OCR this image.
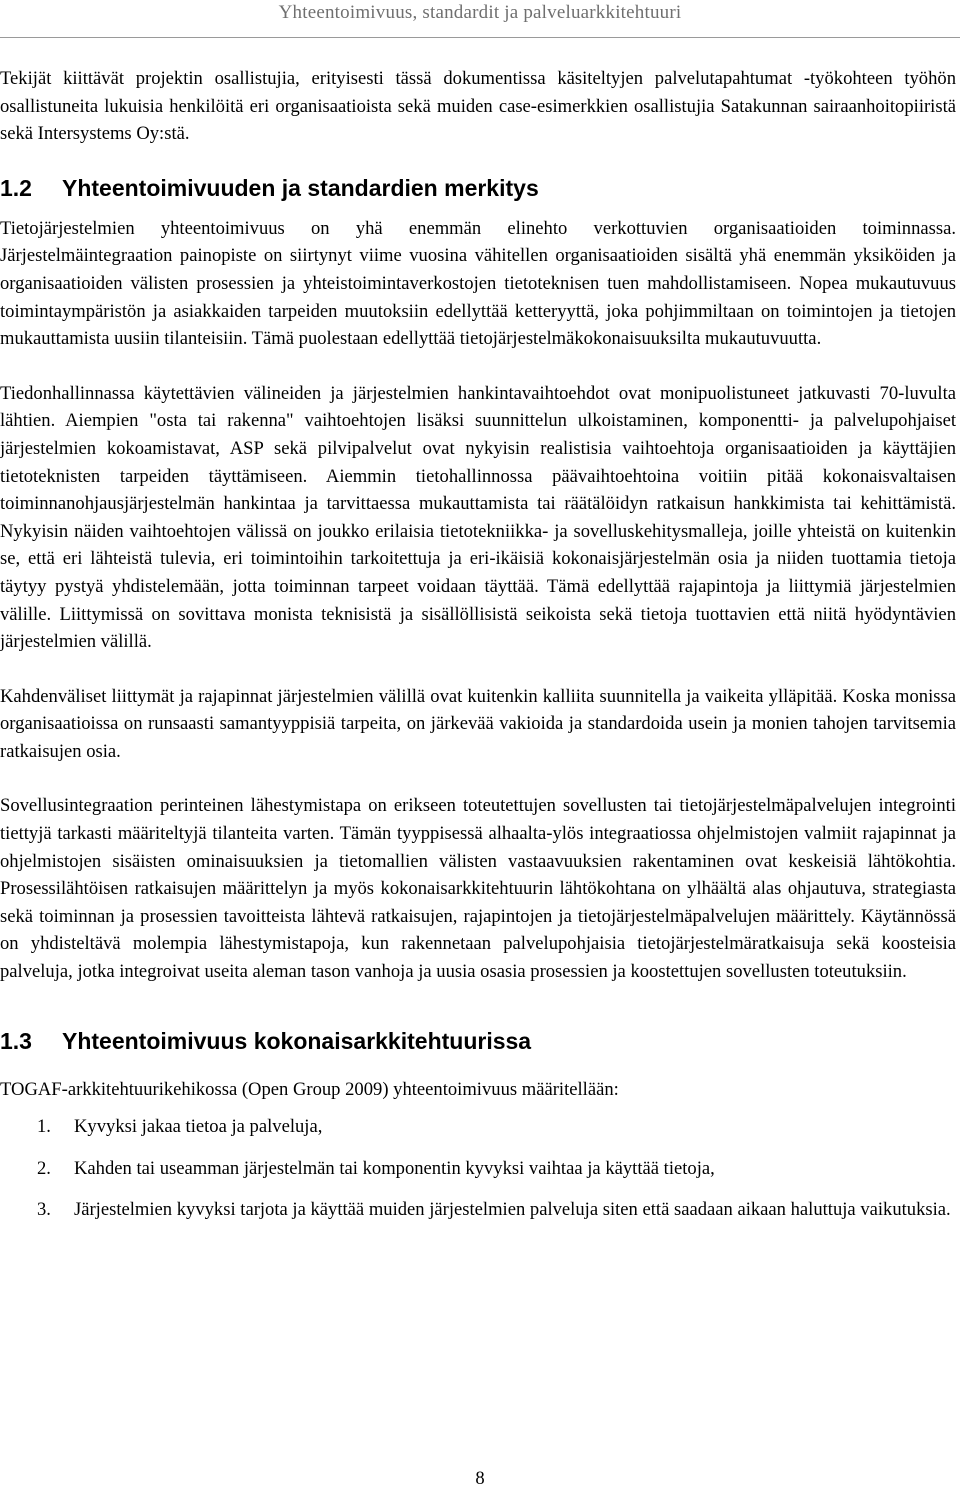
Yhteentoimivuus, standardit ja palveluarkkitehtuuri

Tekijät kiittävät projektin osallistujia, erityisesti tässä dokumentissa käsiteltyjen palvelutapahtumat -työkohteen työhön osallistuneita lukuisia henkilöitä eri organisaatioista sekä muiden case-esimerkkien osallistujia Satakunnan sairaanhoitopiiristä sekä Intersystems Oy:stä.

1.2 Yhteentoimivuuden ja standardien merkitys

Tietojärjestelmien yhteentoimivuus on yhä enemmän elinehto verkottuvien organisaatioiden toiminnassa. Järjestelmäintegraation painopiste on siirtynyt viime vuosina vähitellen organisaatioiden sisältä yhä enemmän yksiköiden ja organisaatioiden välisten prosessien ja yhteistoimintaverkostojen tietoteknisen tuen mahdollistamiseen. Nopea mukautuvuus toimintaympäristön ja asiakkaiden tarpeiden muutoksiin edellyttää ketteryyttä, joka pohjimmiltaan on toimintojen ja tietojen mukauttamista uusiin tilanteisiin. Tämä puolestaan edellyttää tietojärjestelmäkokonaisuuksilta mukautuvuutta.

Tiedonhallinnassa käytettävien välineiden ja järjestelmien hankintavaihtoehdot ovat monipuolistuneet jatkuvasti 70-luvulta lähtien. Aiempien "osta tai rakenna" vaihtoehtojen lisäksi suunnittelun ulkoistaminen, komponentti- ja palvelupohjaiset järjestelmien kokoamistavat, ASP sekä pilvipalvelut ovat nykyisin realistisia vaihtoehtoja organisaatioiden ja käyttäjien tietoteknisten tarpeiden täyttämiseen. Aiemmin tietohallinnossa päävaihtoehtoina voitiin pitää kokonaisvaltaisen toiminnanohjausjärjestelmän hankintaa ja tarvittaessa mukauttamista tai räätälöidyn ratkaisun hankkimista tai kehittämistä. Nykyisin näiden vaihtoehtojen välissä on joukko erilaisia tietotekniikka- ja sovelluskehitysmalleja, joille yhteistä on kuitenkin se, että eri lähteistä tulevia, eri toimintoihin tarkoitettuja ja eri-ikäisiä kokonaisjärjestelmän osia ja niiden tuottamia tietoja täytyy pystyä yhdistelemään, jotta toiminnan tarpeet voidaan täyttää. Tämä edellyttää rajapintoja ja liittymiä järjestelmien välille. Liittymissä on sovittava monista teknisistä ja sisällöllisistä seikoista sekä tietoja tuottavien että niitä hyödyntävien järjestelmien välillä.

Kahdenväliset liittymät ja rajapinnat järjestelmien välillä ovat kuitenkin kalliita suunnitella ja vaikeita ylläpitää. Koska monissa organisaatioissa on runsaasti samantyyppisiä tarpeita, on järkevää vakioida ja standardoida usein ja monien tahojen tarvitsemia ratkaisujen osia.

Sovellusintegraation perinteinen lähestymistapa on erikseen toteutettujen sovellusten tai tietojärjestelmäpalvelujen integrointi tiettyjä tarkasti määriteltyjä tilanteita varten. Tämän tyyppisessä alhaalta-ylös integraatiossa ohjelmistojen valmiit rajapinnat ja ohjelmistojen sisäisten ominaisuuksien ja tietomallien välisten vastaavuuksien rakentaminen ovat keskeisiä lähtökohtia. Prosessilähtöisen ratkaisujen määrittelyn ja myös kokonaisarkkitehtuurin lähtökohtana on ylhäältä alas ohjautuva, strategiasta sekä toiminnan ja prosessien tavoitteista lähtevä ratkaisujen, rajapintojen ja tietojärjestelmäpalvelujen määrittely. Käytännössä on yhdisteltävä molempia lähestymistapoja, kun rakennetaan palvelupohjaisia tietojärjestelmäratkaisuja sekä koosteisia palveluja, jotka integroivat useita aleman tason vanhoja ja uusia osasia prosessien ja koostettujen sovellusten toteutuksiin.

1.3 Yhteentoimivuus kokonaisarkkitehtuurissa

TOGAF-arkkitehtuurikehikossa (Open Group 2009) yhteentoimivuus määritellään:

1. Kyvyksi jakaa tietoa ja palveluja,
2. Kahden tai useamman järjestelmän tai komponentin kyvyksi vaihtaa ja käyttää tietoja,
3. Järjestelmien kyvyksi tarjota ja käyttää muiden järjestelmien palveluja siten että saadaan aikaan haluttuja vaikutuksia.
8
